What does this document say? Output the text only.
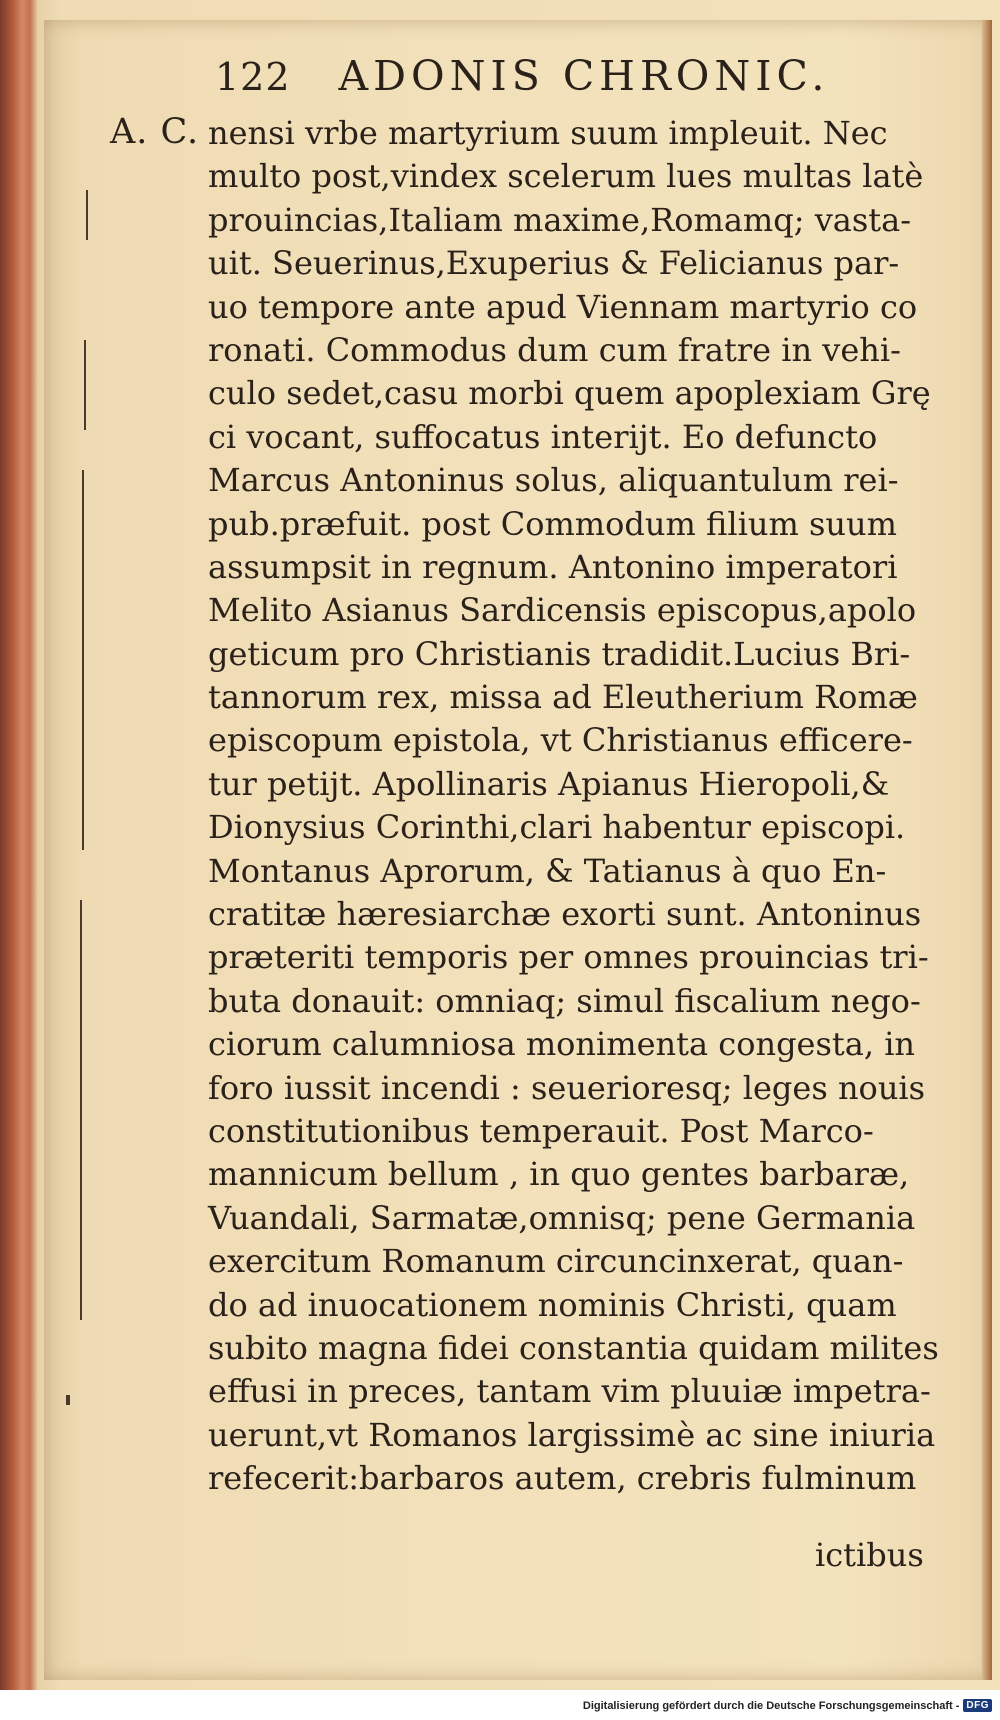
122 ADONIS CHRONIC.
A. C. nensi vrbe martyrium suum impleuit. Nec
multo post,vindex scelerum lues multas latè
prouincias,Italiam maxime,Romamq; vasta-
uit. Seuerinus,Exuperius & Felicianus par-
uo tempore ante apud Viennam martyrio co
ronati. Commodus dum cum fratre in vehi-
culo sedet,casu morbi quem apoplexiam Grę
ci vocant, suffocatus interijt. Eo defuncto
Marcus Antoninus solus, aliquantulum rei-
pub.præfuit. post Commodum filium suum
assumpsit in regnum. Antonino imperatori
Melito Asianus Sardicensis episcopus,apolo
geticum pro Christianis tradidit.Lucius Bri-
tannorum rex, missa ad Eleutherium Romæ
episcopum epistola, vt Christianus efficere-
tur petijt. Apollinaris Apianus Hieropoli,&
Dionysius Corinthi,clari habentur episcopi.
Montanus Aprorum, & Tatianus à quo En-
cratitæ hæresiarchæ exorti sunt. Antoninus
præteriti temporis per omnes prouincias tri-
buta donauit: omniaq; simul fiscalium nego-
ciorum calumniosa monimenta congesta, in
foro iussit incendi : seuerioresq; leges nouis
constitutionibus temperauit. Post Marco-
mannicum bellum , in quo gentes barbaræ,
Vuandali, Sarmatæ,omnisq; pene Germania
exercitum Romanum circuncinxerat, quan-
do ad inuocationem nominis Christi, quam
subito magna fidei constantia quidam milites
effusi in preces, tantam vim pluuiæ impetra-
uerunt,vt Romanos largissimè ac sine iniuria
refecerit:barbaros autem, crebris fulminum
ictibus
Digitalisierung gefördert durch die Deutsche Forschungsgemeinschaft - DFG
